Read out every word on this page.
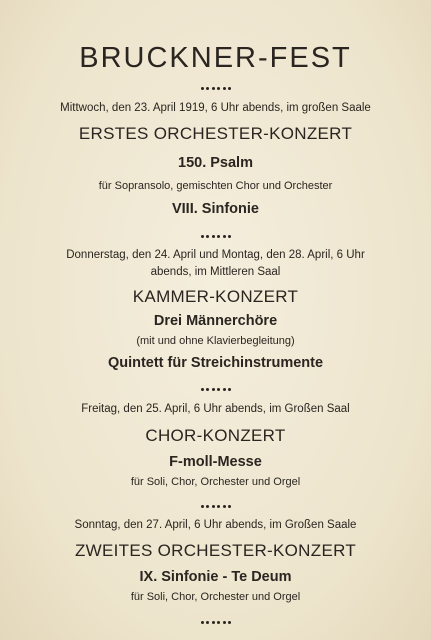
BRUCKNER-FEST
Mittwoch, den 23. April 1919, 6 Uhr abends, im großen Saale
ERSTES ORCHESTER-KONZERT
150. Psalm
für Sopransolo, gemischten Chor und Orchester
VIII. Sinfonie
Donnerstag, den 24. April und Montag, den 28. April, 6 Uhr
abends, im Mittleren Saal
KAMMER-KONZERT
Drei Männerchöre
(mit und ohne Klavierbegleitung)
Quintett für Streichinstrumente
Freitag, den 25. April, 6 Uhr abends, im Großen Saal
CHOR-KONZERT
F-moll-Messe
für Soli, Chor, Orchester und Orgel
Sonntag, den 27. April, 6 Uhr abends, im Großen Saale
ZWEITES ORCHESTER-KONZERT
IX. Sinfonie - Te Deum
für Soli, Chor, Orchester und Orgel
